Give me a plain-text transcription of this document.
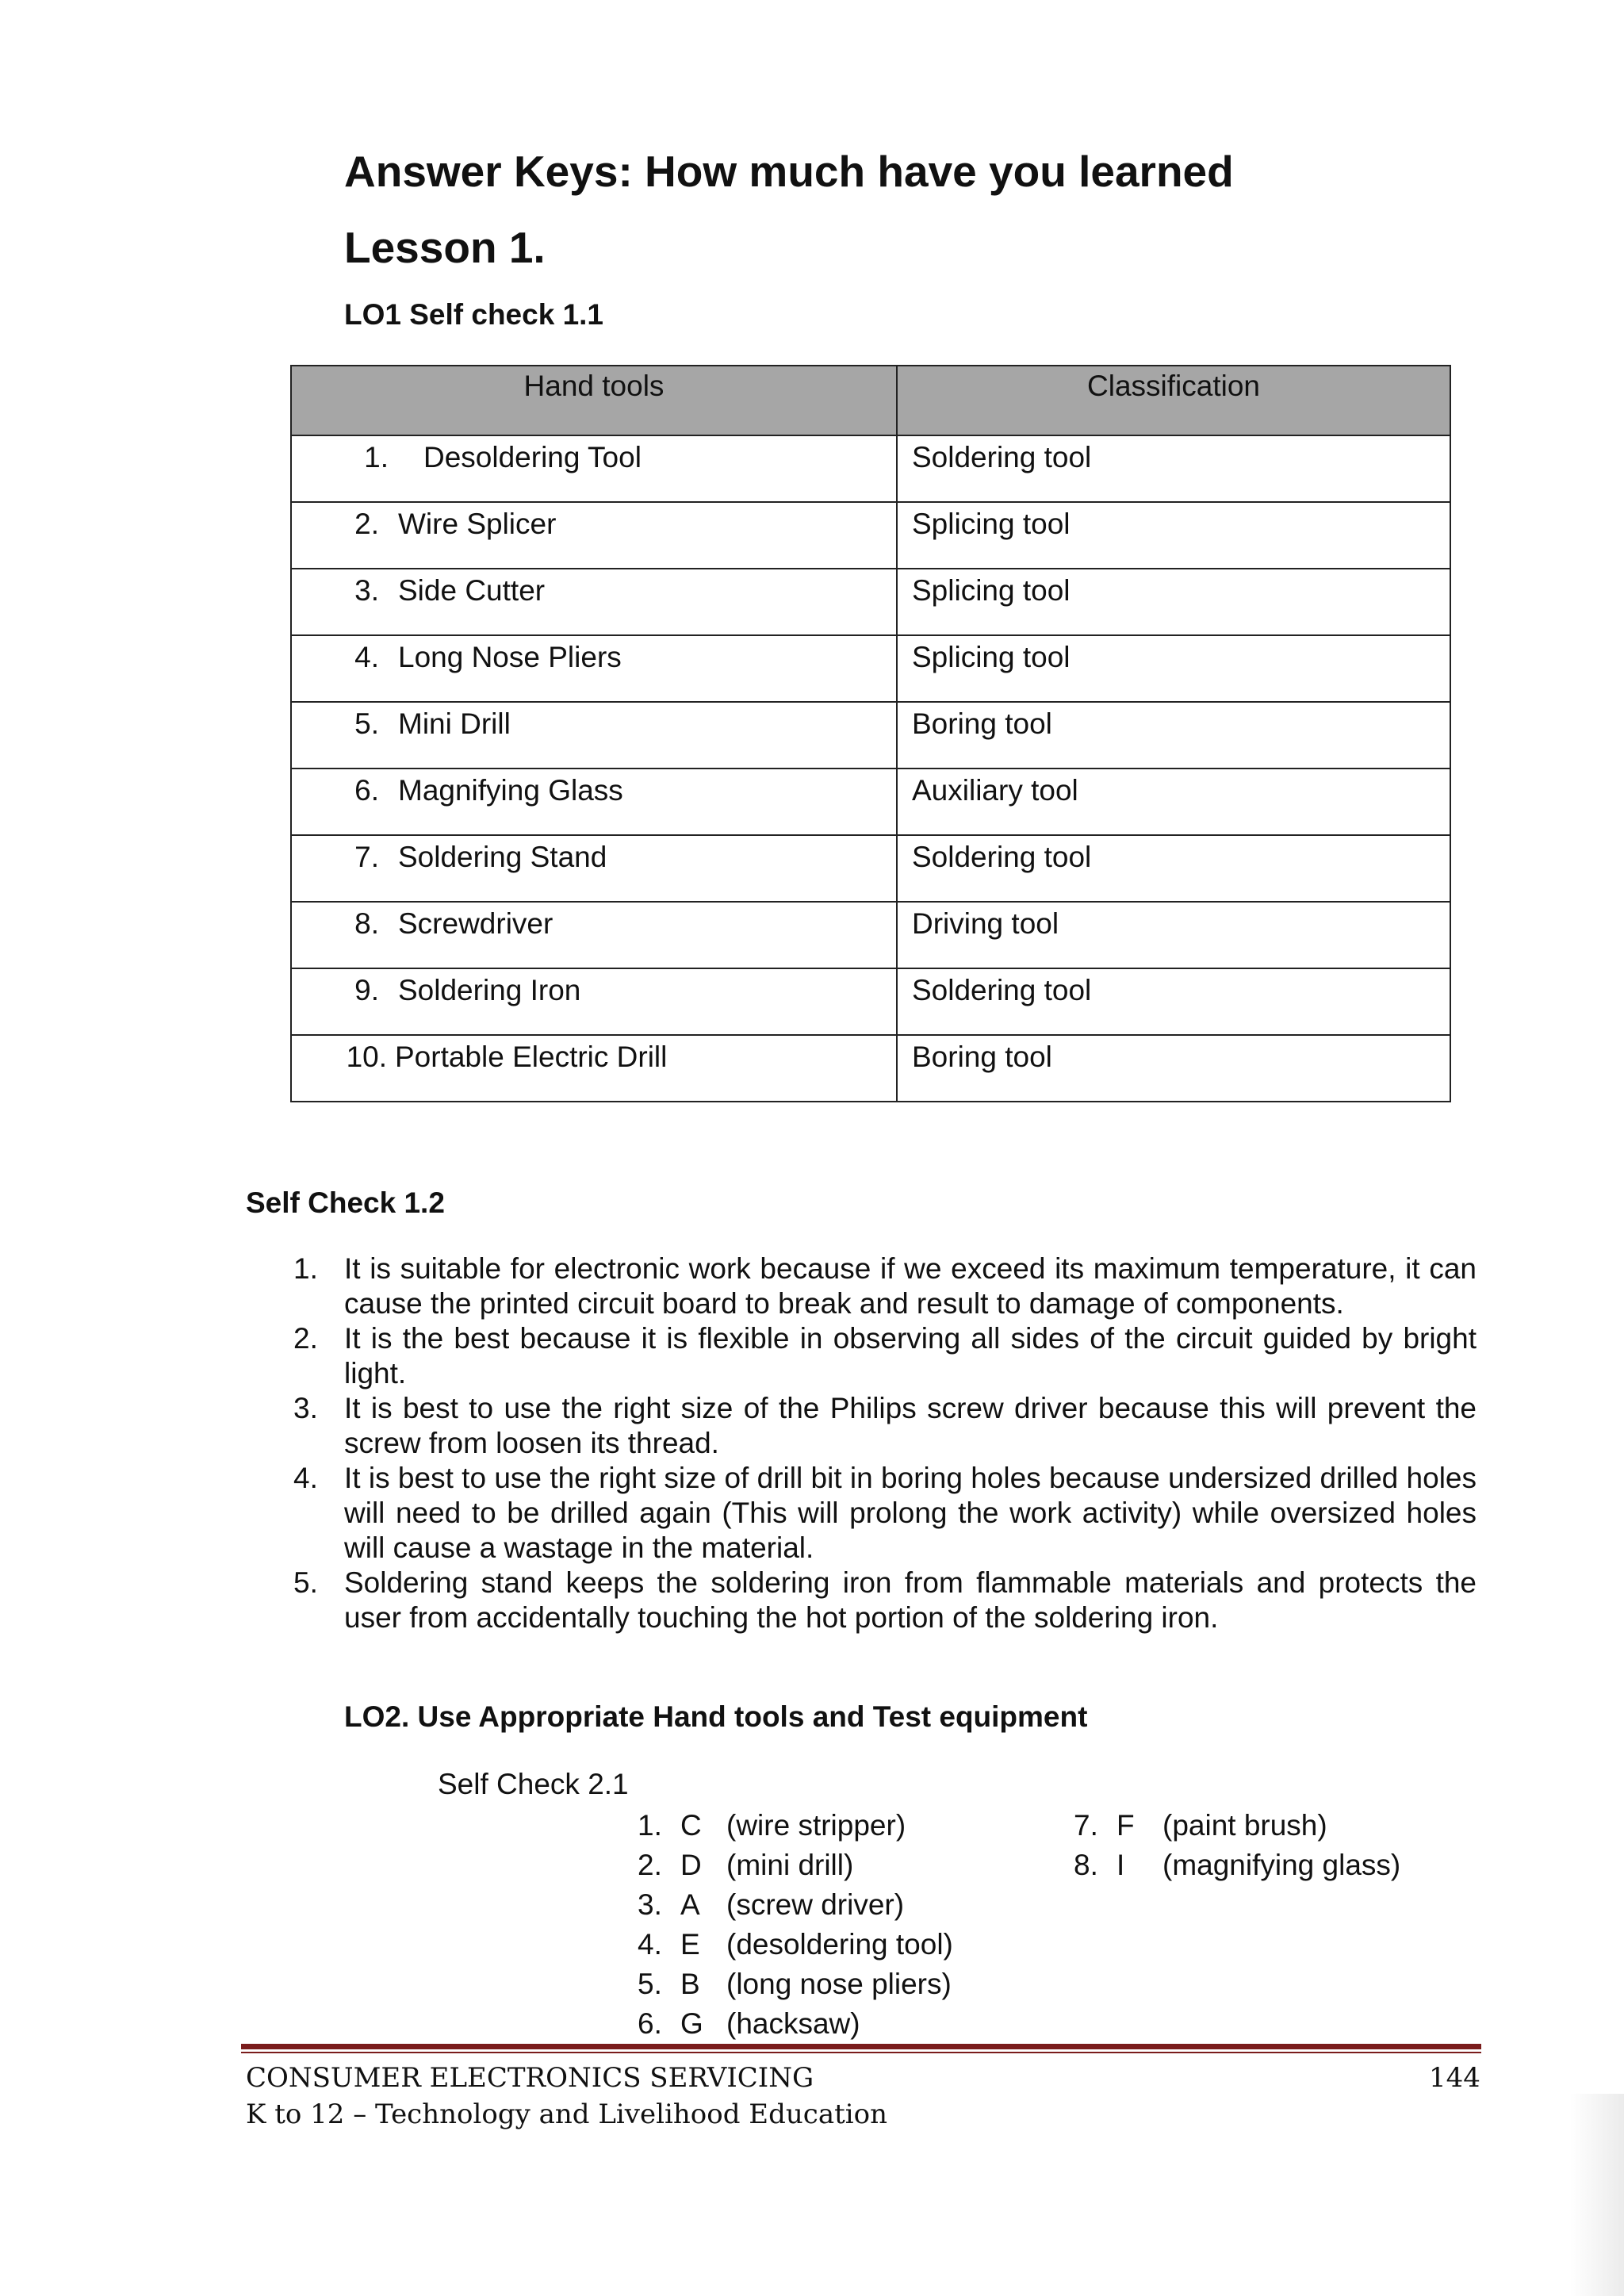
Answer Keys: How much have you learned
Lesson 1.

LO1 Self check 1.1

Hand tools	Classification

1. Desoldering Tool	Soldering tool

2. Wire Splicer	Splicing tool

3. Side Cutter	Splicing tool

4. Long Nose Pliers	Splicing tool

5. Mini Drill	Boring tool

6. Magnifying Glass	Auxiliary tool

7. Soldering Stand	Soldering tool

8. Screwdriver	Driving tool

9. Soldering Iron	Soldering tool

10. Portable Electric Drill	Boring tool

Self Check 1.2

1. It is suitable for electronic work because if we exceed its maximum temperature, it can cause the printed circuit board to break and result to damage of components.
2. It is the best because it is flexible in observing all sides of the circuit guided by bright light.
3. It is best to use the right size of the Philips screw driver because this will prevent the screw from loosen its thread.
4. It is best to use the right size of drill bit in boring holes because undersized drilled holes will need to be drilled again (This will prolong the work activity) while oversized holes will cause a wastage in the material.
5. Soldering stand keeps the soldering iron from flammable materials and protects the user from accidentally touching the hot portion of the soldering iron.

LO2. Use Appropriate Hand tools and Test equipment

Self Check 2.1

1. C (wire stripper)
2. D (mini drill)
3. A (screw driver)
4. E (desoldering tool)
5. B (long nose pliers)
6. G (hacksaw)
7. F (paint brush)
8. I (magnifying glass)

CONSUMER ELECTRONICS SERVICING

K to 12 – Technology and Livelihood Education

144
